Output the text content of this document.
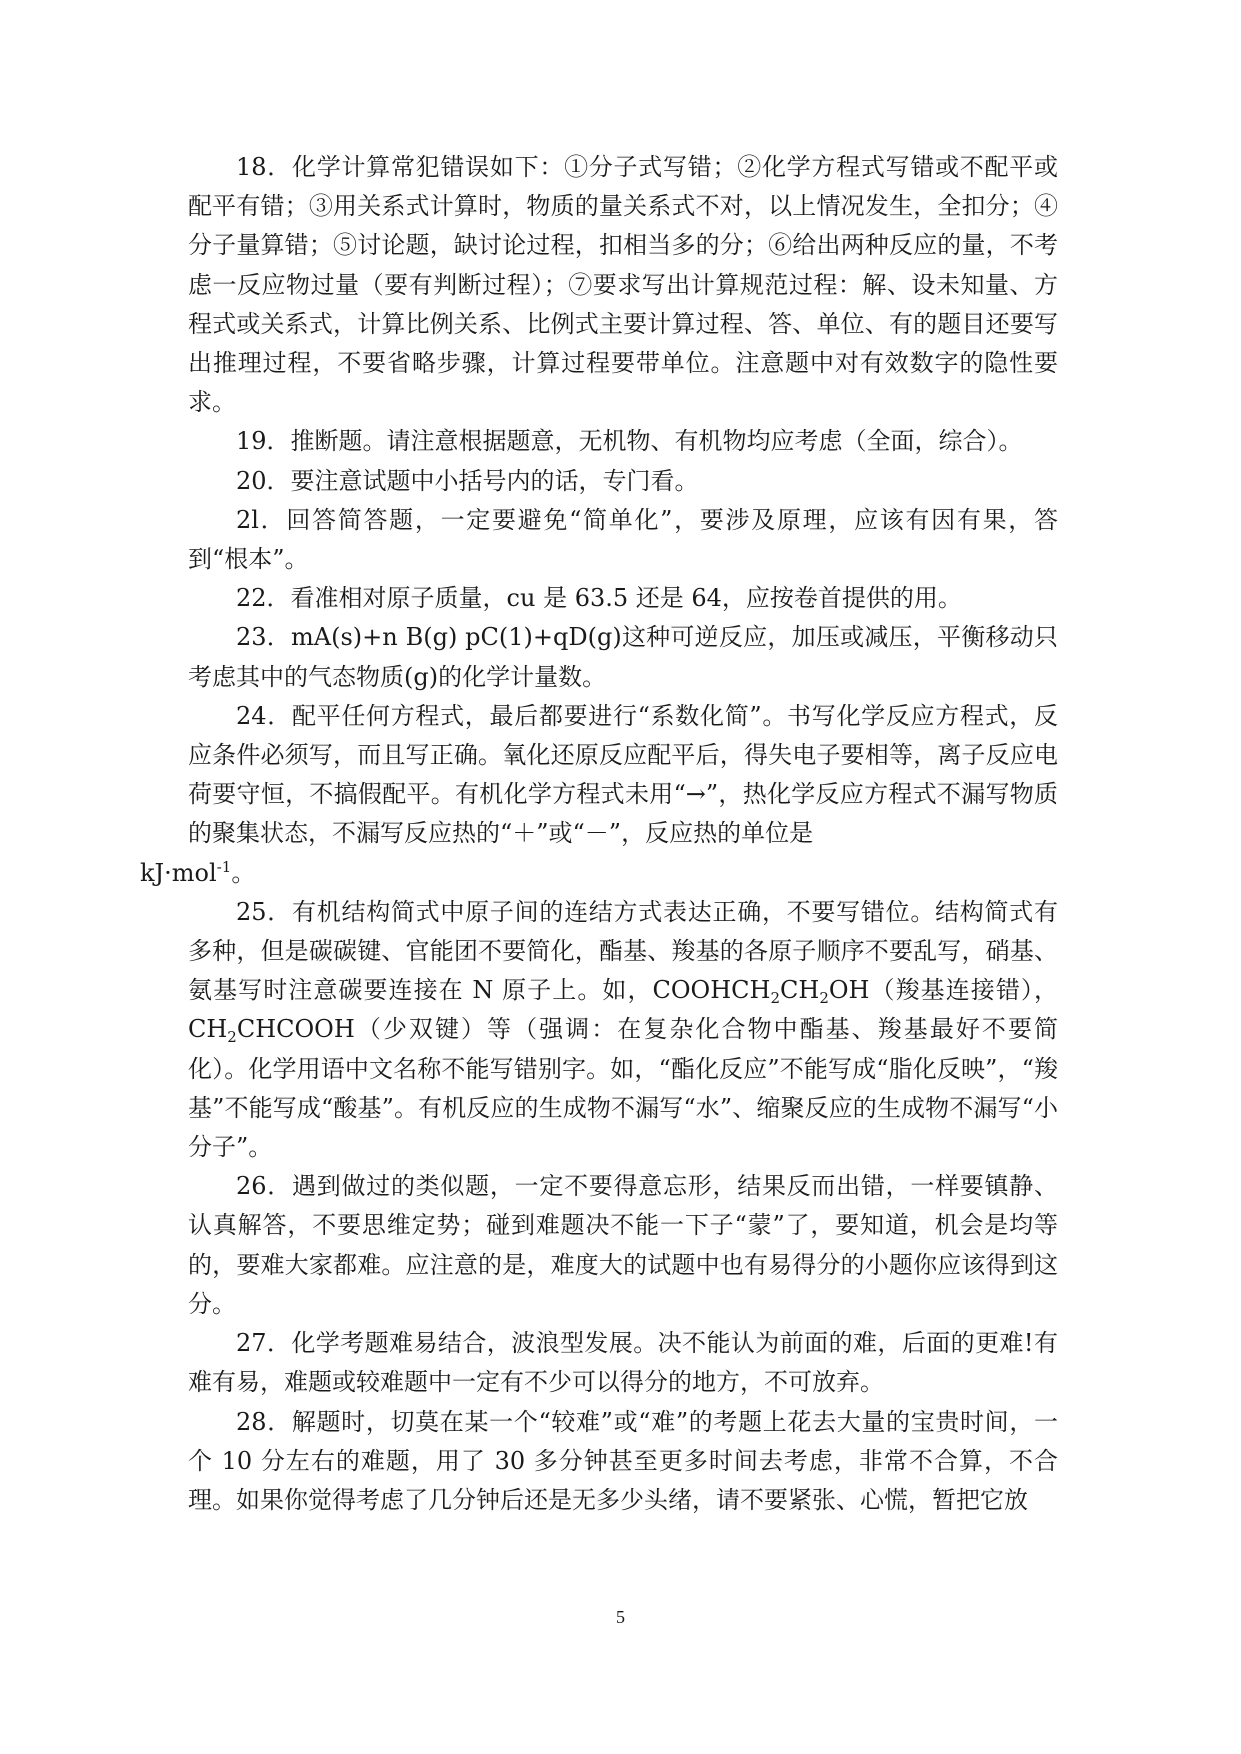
18．化学计算常犯错误如下：①分子式写错；②化学方程式写错或不配平或配平有错；③用关系式计算时，物质的量关系式不对，以上情况发生，全扣分；④分子量算错；⑤讨论题，缺讨论过程，扣相当多的分；⑥给出两种反应的量，不考虑一反应物过量（要有判断过程）；⑦要求写出计算规范过程：解、设未知量、方程式或关系式，计算比例关系、比例式主要计算过程、答、单位、有的题目还要写出推理过程，不要省略步骤，计算过程要带单位。注意题中对有效数字的隐性要求。

19．推断题。请注意根据题意，无机物、有机物均应考虑（全面，综合）。

20．要注意试题中小括号内的话，专门看。

2l．回答简答题，一定要避免“简单化”，要涉及原理，应该有因有果，答到“根本”。

22．看准相对原子质量，cu 是 63.5 还是 64，应按卷首提供的用。

23．mA(s)+n B(g) pC(1)+qD(g)这种可逆反应，加压或减压，平衡移动只考虑其中的气态物质(g)的化学计量数。

24．配平任何方程式，最后都要进行“系数化简”。书写化学反应方程式，反应条件必须写，而且写正确。氧化还原反应配平后，得失电子要相等，离子反应电荷要守恒，不搞假配平。有机化学方程式未用“→”，热化学反应方程式不漏写物质的聚集状态，不漏写反应热的“＋”或“－”，反应热的单位是
kJ·mol$^{-1}$。

25．有机结构简式中原子间的连结方式表达正确，不要写错位。结构简式有多种，但是碳碳键、官能团不要简化，酯基、羧基的各原子顺序不要乱写，硝基、氨基写时注意碳要连接在 N 原子上。如，$COOHCH_2CH_2OH$（羧基连接错），$CH_2CHCOOH$（少双键）等（强调：在复杂化合物中酯基、羧基最好不要简化）。化学用语中文名称不能写错别字。如，“酯化反应”不能写成“脂化反映”，“羧基”不能写成“酸基”。有机反应的生成物不漏写“水”、缩聚反应的生成物不漏写“小分子”。

26．遇到做过的类似题，一定不要得意忘形，结果反而出错，一样要镇静、认真解答，不要思维定势；碰到难题决不能一下子“蒙”了，要知道，机会是均等的，要难大家都难。应注意的是，难度大的试题中也有易得分的小题你应该得到这分。

27．化学考题难易结合，波浪型发展。决不能认为前面的难，后面的更难!有难有易，难题或较难题中一定有不少可以得分的地方，不可放弃。

28．解题时，切莫在某一个“较难”或“难”的考题上花去大量的宝贵时间，一个 10 分左右的难题，用了 30 多分钟甚至更多时间去考虑，非常不合算，不合理。如果你觉得考虑了几分钟后还是无多少头绪，请不要紧张、心慌，暂把它放

5
